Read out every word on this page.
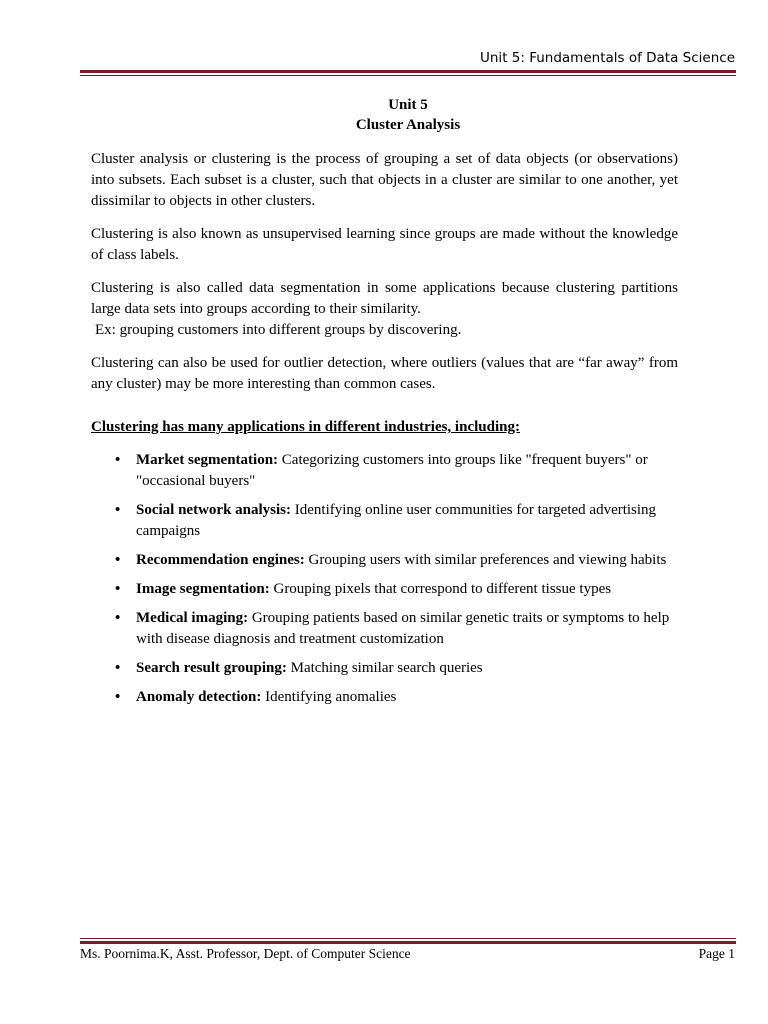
Unit 5: Fundamentals of Data Science
Unit 5
Cluster Analysis

Cluster analysis or clustering is the process of grouping a set of data objects (or observations) into subsets. Each subset is a cluster, such that objects in a cluster are similar to one another, yet dissimilar to objects in other clusters.

Clustering is also known as unsupervised learning since groups are made without the knowledge of class labels.

Clustering is also called data segmentation in some applications because clustering partitions large data sets into groups according to their similarity.

Ex: grouping customers into different groups by discovering.

Clustering can also be used for outlier detection, where outliers (values that are “far away” from any cluster) may be more interesting than common cases.

Clustering has many applications in different industries, including:
• Market segmentation: Categorizing customers into groups like "frequent buyers" or "occasional buyers"
• Social network analysis: Identifying online user communities for targeted advertising campaigns
• Recommendation engines: Grouping users with similar preferences and viewing habits
• Image segmentation: Grouping pixels that correspond to different tissue types
• Medical imaging: Grouping patients based on similar genetic traits or symptoms to help with disease diagnosis and treatment customization
• Search result grouping: Matching similar search queries
• Anomaly detection: Identifying anomalies
Ms. Poornima.K, Asst. Professor, Dept. of Computer Science	Page 1
